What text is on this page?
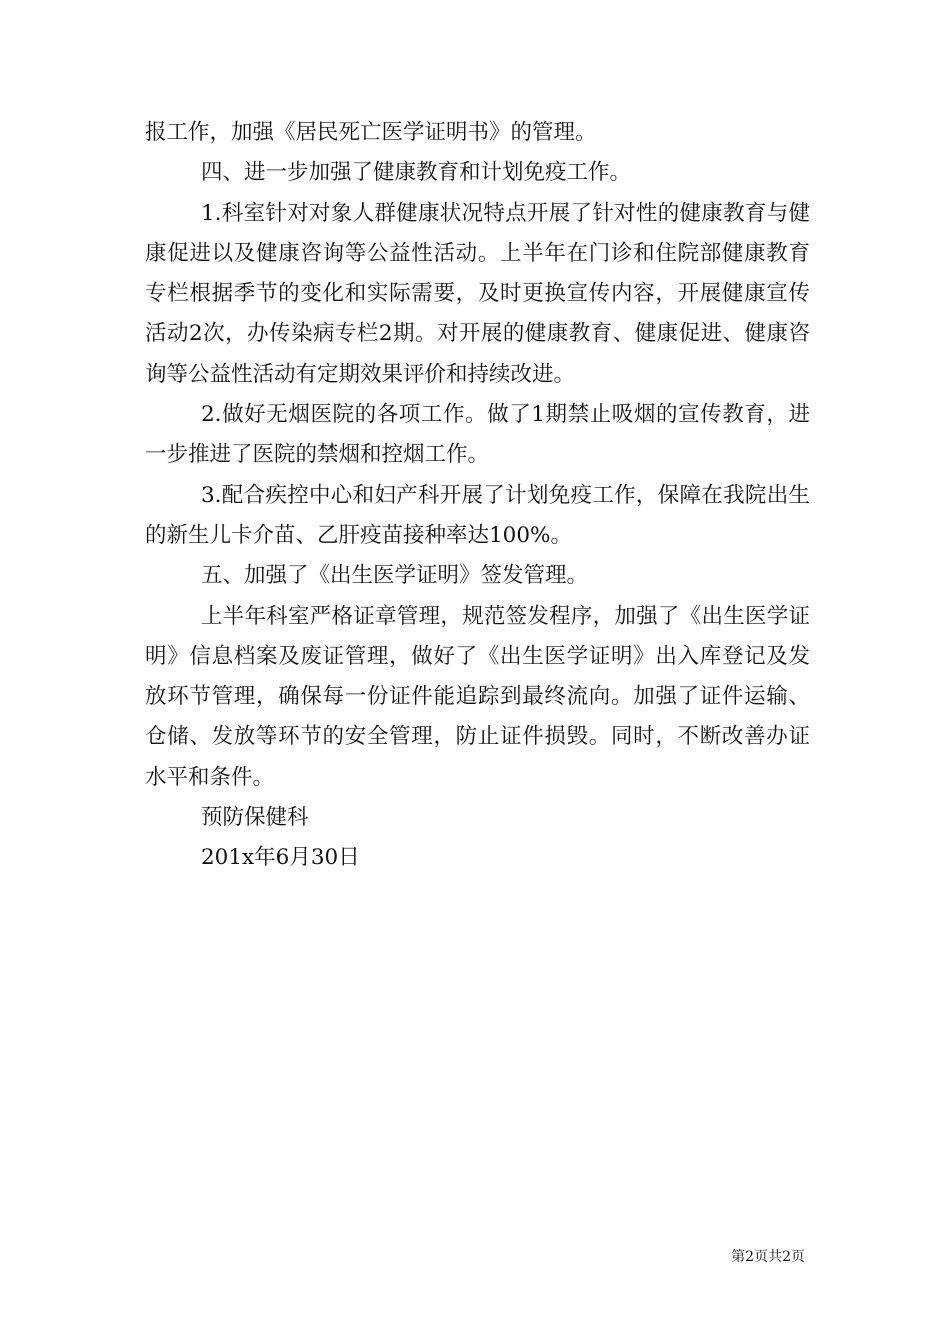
报工作，加强《居民死亡医学证明书》的管理。

四、进一步加强了健康教育和计划免疫工作。

1.科室针对对象人群健康状况特点开展了针对性的健康教育与健康促进以及健康咨询等公益性活动。上半年在门诊和住院部健康教育专栏根据季节的变化和实际需要，及时更换宣传内容，开展健康宣传活动2次，办传染病专栏2期。对开展的健康教育、健康促进、健康咨询等公益性活动有定期效果评价和持续改进。

2.做好无烟医院的各项工作。做了1期禁止吸烟的宣传教育，进一步推进了医院的禁烟和控烟工作。

3.配合疾控中心和妇产科开展了计划免疫工作，保障在我院出生的新生儿卡介苗、乙肝疫苗接种率达100%。

五、加强了《出生医学证明》签发管理。

上半年科室严格证章管理，规范签发程序，加强了《出生医学证明》信息档案及废证管理，做好了《出生医学证明》出入库登记及发放环节管理，确保每一份证件能追踪到最终流向。加强了证件运输、仓储、发放等环节的安全管理，防止证件损毁。同时，不断改善办证水平和条件。

预防保健科

201x年6月30日

第2页共2页
